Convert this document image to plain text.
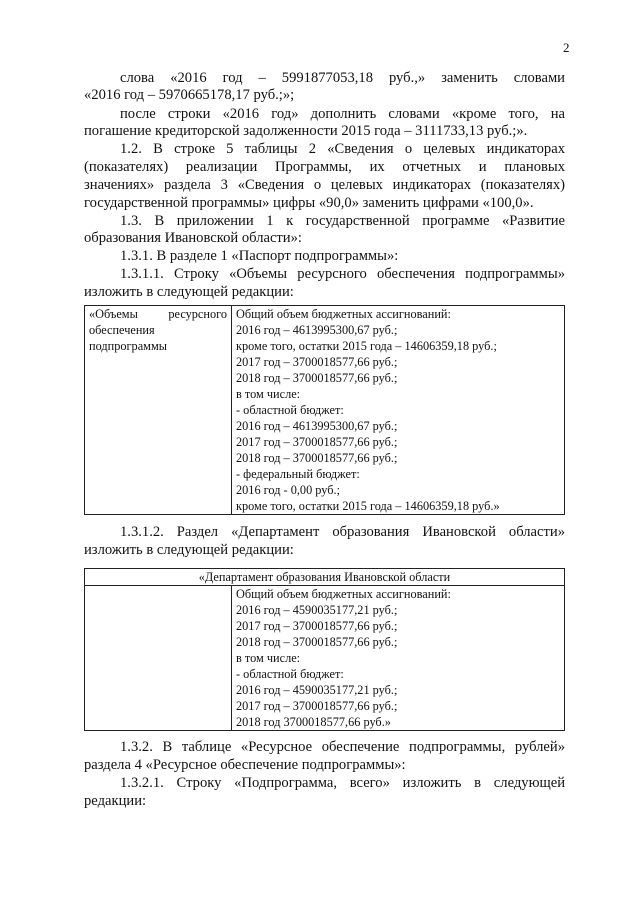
2
слова «2016 год – 5991877053,18 руб.,» заменить словами
«2016 год – 5970665178,17 руб.;»;
после строки «2016 год» дополнить словами «кроме того, на
погашение кредиторской задолженности 2015 года – 3111733,13 руб.;».
1.2. В строке 5 таблицы 2 «Сведения о целевых индикаторах
(показателях) реализации Программы, их отчетных и плановых
значениях» раздела 3 «Сведения о целевых индикаторах (показателях)
государственной программы» цифры «90,0» заменить цифрами «100,0».
1.3. В приложении 1 к государственной программе «Развитие
образования Ивановской области»:
1.3.1. В разделе 1 «Паспорт подпрограммы»:
1.3.1.1. Строку «Объемы ресурсного обеспечения подпрограммы»
изложить в следующей редакции:
1.3.1.2. Раздел «Департамент образования Ивановской области»
изложить в следующей редакции:
1.3.2. В таблице «Ресурсное обеспечение подпрограммы, рублей»
раздела 4 «Ресурсное обеспечение подпрограммы»:
1.3.2.1. Строку «Подпрограмма, всего» изложить в следующей
редакции:
«Объемы ресурсного
обеспечения
подпрограммы

Общий объем бюджетных ассигнований:
2016 год – 4613995300,67 руб.;
кроме того, остатки 2015 года – 14606359,18 руб.;
2017 год – 3700018577,66 руб.;
2018 год – 3700018577,66 руб.;
в том числе:
- областной бюджет:
2016 год – 4613995300,67 руб.;
2017 год – 3700018577,66 руб.;
2018 год – 3700018577,66 руб.;
- федеральный бюджет:
2016 год - 0,00 руб.;
кроме того, остатки 2015 года – 14606359,18 руб.»
«Департамент образования Ивановской области

Общий объем бюджетных ассигнований:
2016 год – 4590035177,21 руб.;
2017 год – 3700018577,66 руб.;
2018 год – 3700018577,66 руб.;
в том числе:
- областной бюджет:
2016 год – 4590035177,21 руб.;
2017 год – 3700018577,66 руб.;
2018 год 3700018577,66 руб.»
